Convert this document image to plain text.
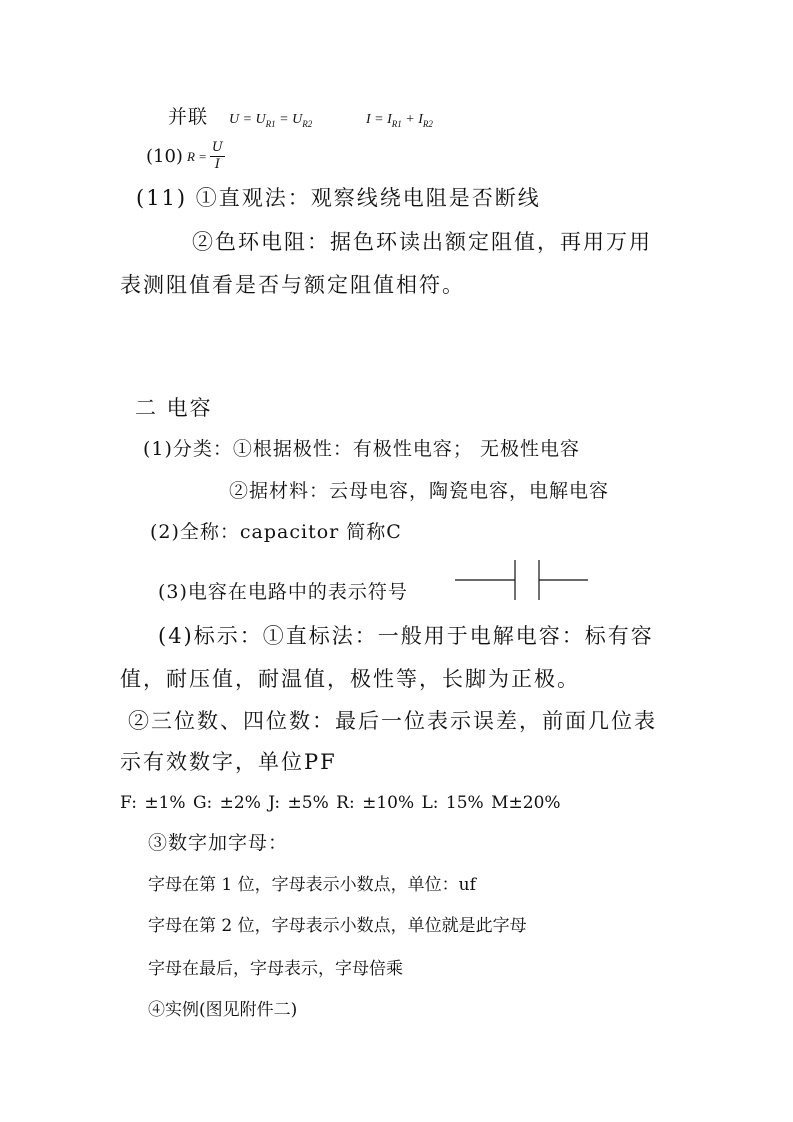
并联 $U = U_{R1} = U_{R2}$	$I = I_{R1} + I_{R2}$
(10) $R = \frac{U}{I}$
(11) ①直观法：观察线绕电阻是否断线
②色环电阻：据色环读出额定阻值，再用万用
表测阻值看是否与额定阻值相符。
二 电容
(1)分类：①根据极性：有极性电容； 无极性电容
②据材料：云母电容，陶瓷电容，电解电容
(2)全称：capacitor 简称C
(3)电容在电路中的表示符号
(4)标示：①直标法：一般用于电解电容：标有容
值，耐压值，耐温值，极性等，长脚为正极。
②三位数、四位数：最后一位表示误差，前面几位表
示有效数字，单位PF
F: ±1% G: ±2% J: ±5% R: ±10% L: 15% M±20%
③数字加字母：
字母在第 1 位，字母表示小数点，单位：uf
字母在第 2 位，字母表示小数点，单位就是此字母
字母在最后，字母表示，字母倍乘
④实例(图见附件二)
